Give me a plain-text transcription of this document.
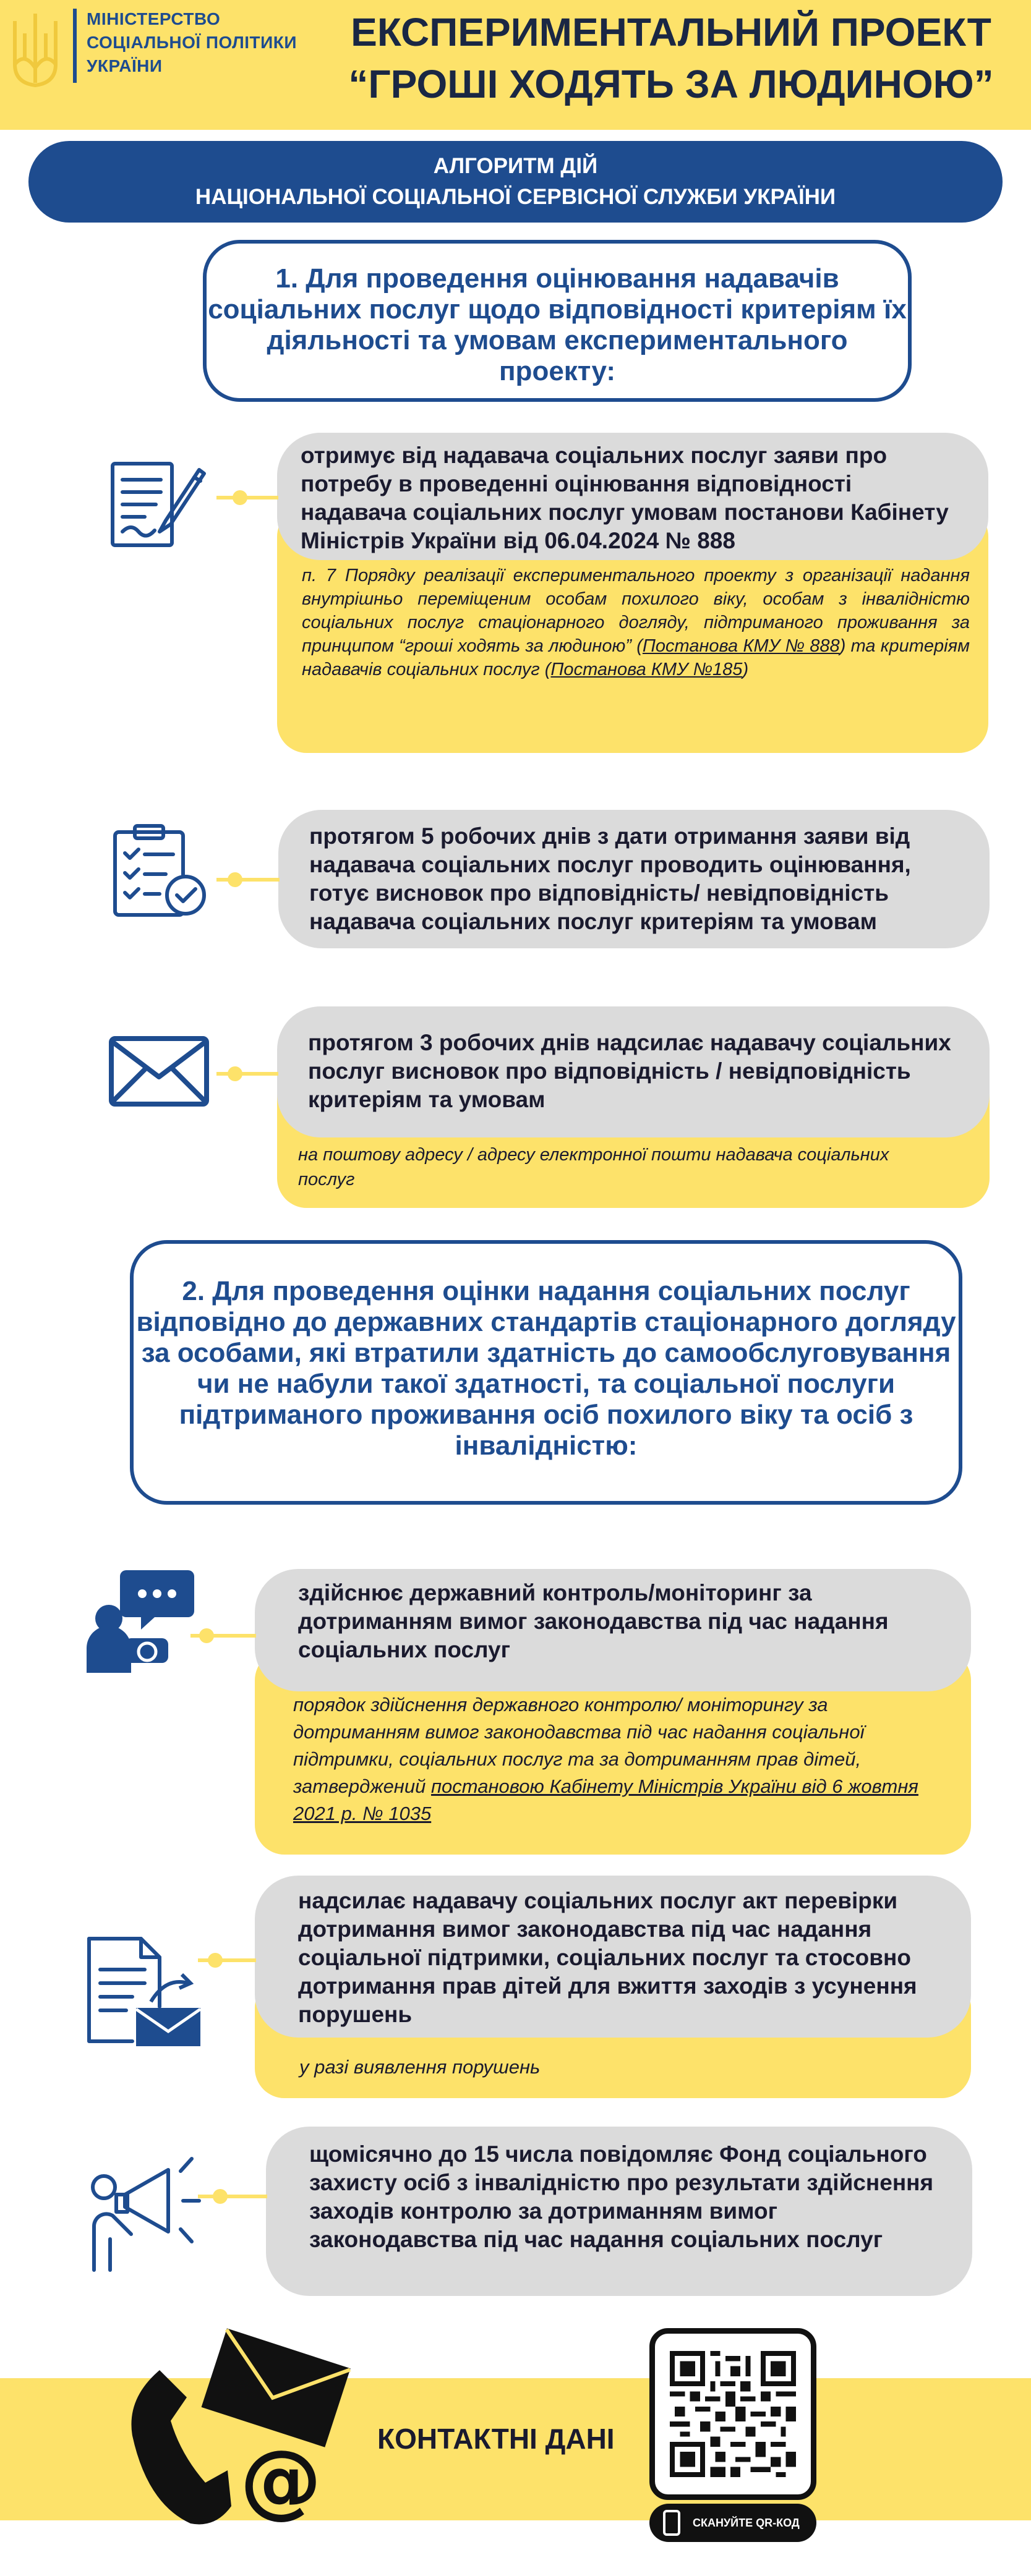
МІНІСТЕРСТВО
СОЦІАЛЬНОЇ ПОЛІТИКИ
УКРАЇНИ
ЕКСПЕРИМЕНТАЛЬНИЙ ПРОЕКТ
“ГРОШІ ХОДЯТЬ ЗА ЛЮДИНОЮ”
АЛГОРИТМ ДІЙ
НАЦІОНАЛЬНОЇ СОЦІАЛЬНОЇ СЕРВІСНОЇ СЛУЖБИ УКРАЇНИ
1. Для проведення оцінювання надавачів соціальних послуг щодо відповідності критеріям їх діяльності та умовам експериментального проекту:
отримує від надавача соціальних послуг заяви про потребу в проведенні оцінювання відповідності надавача соціальних послуг умовам постанови Кабінету Міністрів України від 06.04.2024 № 888
п. 7 Порядку реалізації експериментального проекту з організації надання внутрішньо переміщеним особам похилого віку, особам з інвалідністю соціальних послуг стаціонарного догляду, підтриманого проживання за принципом “гроші ходять за людиною” (Постанова КМУ № 888) та критеріям надавачів соціальних послуг (Постанова КМУ №185)
протягом 5 робочих днів з дати отримання заяви від надавача соціальних послуг проводить оцінювання, готує висновок про відповідність/ невідповідність надавача соціальних послуг критеріям та умовам
протягом 3 робочих днів надсилає надавачу соціальних послуг висновок про відповідність / невідповідність критеріям та умовам
на поштову адресу / адресу електронної пошти надавача соціальних послуг
2. Для проведення оцінки надання соціальних послуг відповідно до державних стандартів стаціонарного догляду за особами, які втратили здатність до самообслуговування чи не набули такої здатності, та соціальної послуги підтриманого проживання осіб похилого віку та осіб з інвалідністю:
здійснює державний контроль/моніторинг за дотриманням вимог законодавства під час надання соціальних послуг
порядок здійснення державного контролю/ моніторингу за дотриманням вимог законодавства під час надання соціальної підтримки, соціальних послуг та за дотриманням прав дітей, затверджений постановою Кабінету Міністрів України від 6 жовтня 2021 р. № 1035
надсилає надавачу соціальних послуг акт перевірки дотримання вимог законодавства під час надання соціальної підтримки, соціальних послуг та стосовно дотримання прав дітей для вжиття заходів з усунення порушень
у разі виявлення порушень
щомісячно до 15 числа повідомляє Фонд соціального захисту осіб з інвалідністю про результати здійснення заходів контролю за дотриманням вимог законодавства під час надання соціальних послуг
@ КОНТАКТНІ ДАНІ
СКАНУЙТЕ QR-КОД
